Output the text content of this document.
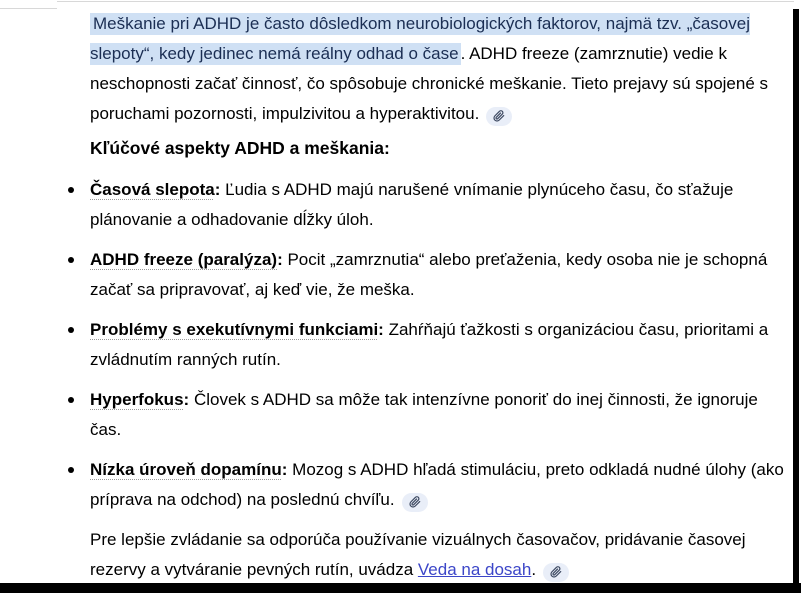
Meškanie pri ADHD je často dôsledkom neurobiologických faktorov, najmä tzv. „časovej slepoty“, kedy jedinec nemá reálny odhad o čase . ADHD freeze (zamrznutie) vedie k neschopnosti začať činnosť, čo spôsobuje chronické meškanie. Tieto prejavy sú spojené s poruchami pozornosti, impulzivitou a hyperaktivitou.

Kľúčové aspekty ADHD a meškania:
Časová slepota: Ľudia s ADHD majú narušené vnímanie plynúceho času, čo sťažuje plánovanie a odhadovanie dĺžky úloh.
ADHD freeze (paralýza): Pocit „zamrznutia“ alebo preťaženia, kedy osoba nie je schopná začať sa pripravovať, aj keď vie, že meška.
Problémy s exekutívnymi funkciami: Zahŕňajú ťažkosti s organizáciou času, prioritami a zvládnutím ranných rutín.
Hyperfokus: Človek s ADHD sa môže tak intenzívne ponoriť do inej činnosti, že ignoruje čas.
Nízka úroveň dopamínu: Mozog s ADHD hľadá stimuláciu, preto odkladá nudné úlohy (ako príprava na odchod) na poslednú chvíľu.

Pre lepšie zvládanie sa odporúča používanie vizuálnych časovačov, pridávanie časovej rezervy a vytváranie pevných rutín, uvádza Veda na dosah.
